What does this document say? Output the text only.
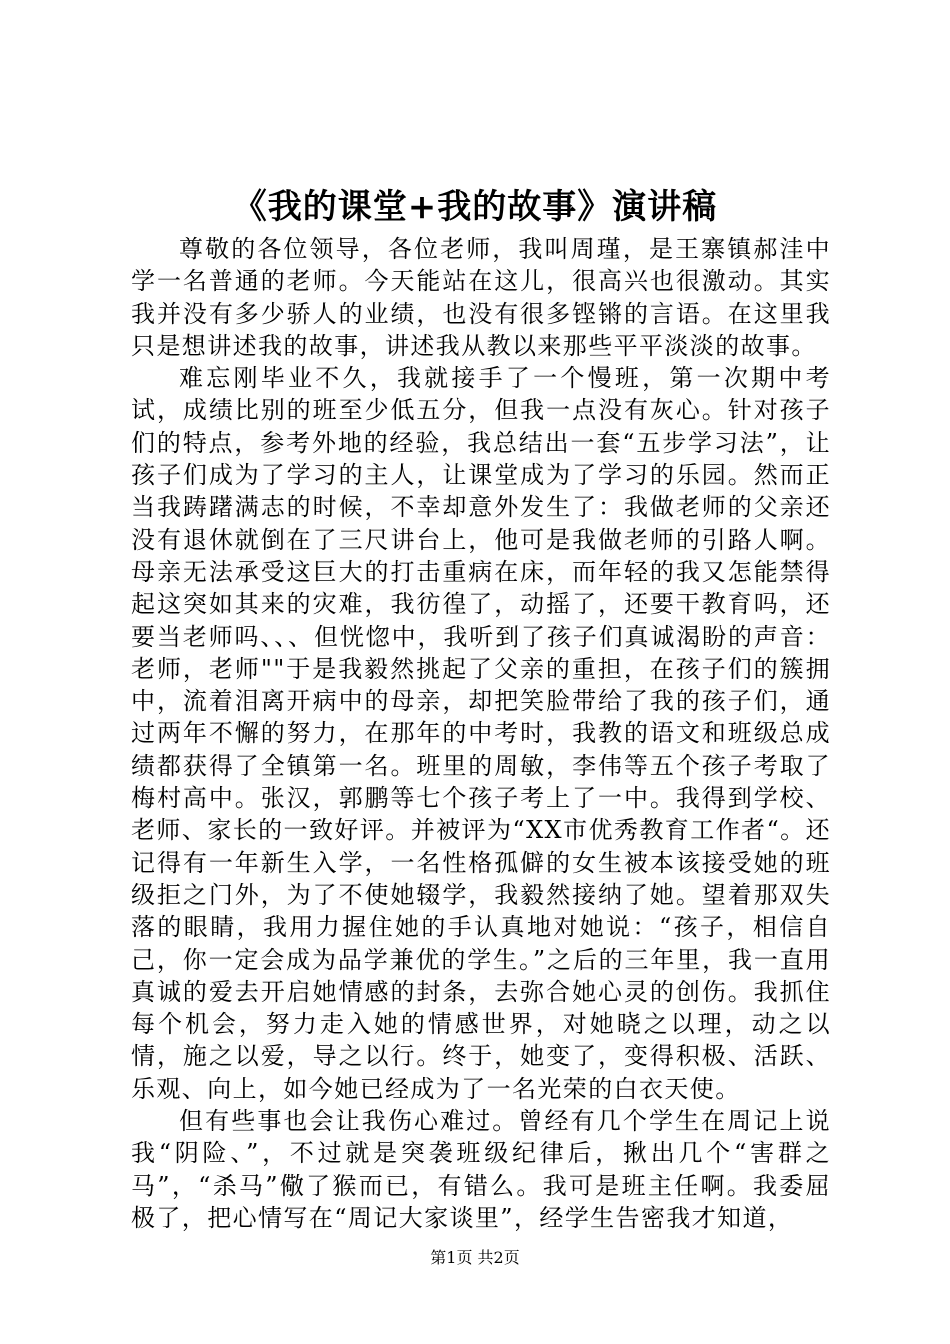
《我的课堂+我的故事》演讲稿

尊敬的各位领导，各位老师，我叫周瑾，是王寨镇郝洼中学一名普通的老师。今天能站在这儿，很高兴也很激动。其实我并没有多少骄人的业绩，也没有很多铿锵的言语。在这里我只是想讲述我的故事，讲述我从教以来那些平平淡淡的故事。

难忘刚毕业不久，我就接手了一个慢班，第一次期中考试，成绩比别的班至少低五分，但我一点没有灰心。针对孩子们的特点，参考外地的经验，我总结出一套“五步学习法”，让孩子们成为了学习的主人，让课堂成为了学习的乐园。然而正当我踌躇满志的时候，不幸却意外发生了：我做老师的父亲还没有退休就倒在了三尺讲台上，他可是我做老师的引路人啊。母亲无法承受这巨大的打击重病在床，而年轻的我又怎能禁得起这突如其来的灾难，我彷徨了，动摇了，还要干教育吗，还要当老师吗、、、但恍惚中，我听到了孩子们真诚渴盼的声音：老师，老师""于是我毅然挑起了父亲的重担，在孩子们的簇拥中，流着泪离开病中的母亲，却把笑脸带给了我的孩子们，通过两年不懈的努力，在那年的中考时，我教的语文和班级总成绩都获得了全镇第一名。班里的周敏，李伟等五个孩子考取了梅村高中。张汉，郭鹏等七个孩子考上了一中。我得到学校、老师、家长的一致好评。并被评为“XX市优秀教育工作者“。还记得有一年新生入学，一名性格孤僻的女生被本该接受她的班级拒之门外，为了不使她辍学，我毅然接纳了她。望着那双失落的眼睛，我用力握住她的手认真地对她说：“孩子，相信自己，你一定会成为品学兼优的学生。”之后的三年里，我一直用真诚的爱去开启她情感的封条，去弥合她心灵的创伤。我抓住每个机会，努力走入她的情感世界，对她晓之以理，动之以情，施之以爱，导之以行。终于，她变了，变得积极、活跃、乐观、向上，如今她已经成为了一名光荣的白衣天使。

但有些事也会让我伤心难过。曾经有几个学生在周记上说我“阴险、”，不过就是突袭班级纪律后，揪出几个“害群之马”，“杀马”儆了猴而已，有错么。我可是班主任啊。我委屈极了，把心情写在“周记大家谈里”，经学生告密我才知道，

第1页 共2页
